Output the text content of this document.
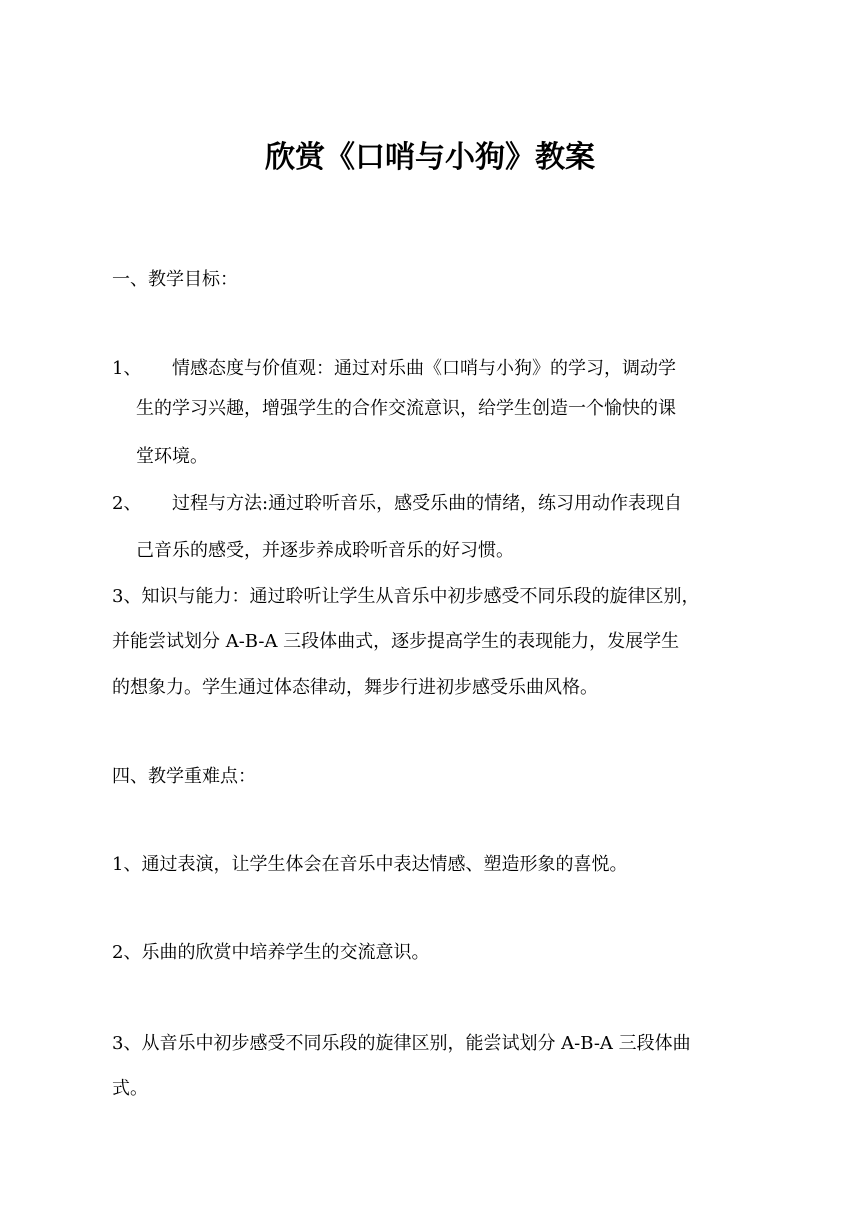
欣赏《口哨与小狗》教案
一、教学目标：
1、 情感态度与价值观：通过对乐曲《口哨与小狗》的学习，调动学
生的学习兴趣，增强学生的合作交流意识，给学生创造一个愉快的课
堂环境。
2、 过程与方法:通过聆听音乐，感受乐曲的情绪，练习用动作表现自
己音乐的感受，并逐步养成聆听音乐的好习惯。
3、知识与能力：通过聆听让学生从音乐中初步感受不同乐段的旋律区别，
并能尝试划分 A-B-A 三段体曲式，逐步提高学生的表现能力，发展学生
的想象力。学生通过体态律动，舞步行进初步感受乐曲风格。
四、教学重难点：
1、通过表演，让学生体会在音乐中表达情感、塑造形象的喜悦。
2、乐曲的欣赏中培养学生的交流意识。
3、从音乐中初步感受不同乐段的旋律区别，能尝试划分 A-B-A 三段体曲
式。
